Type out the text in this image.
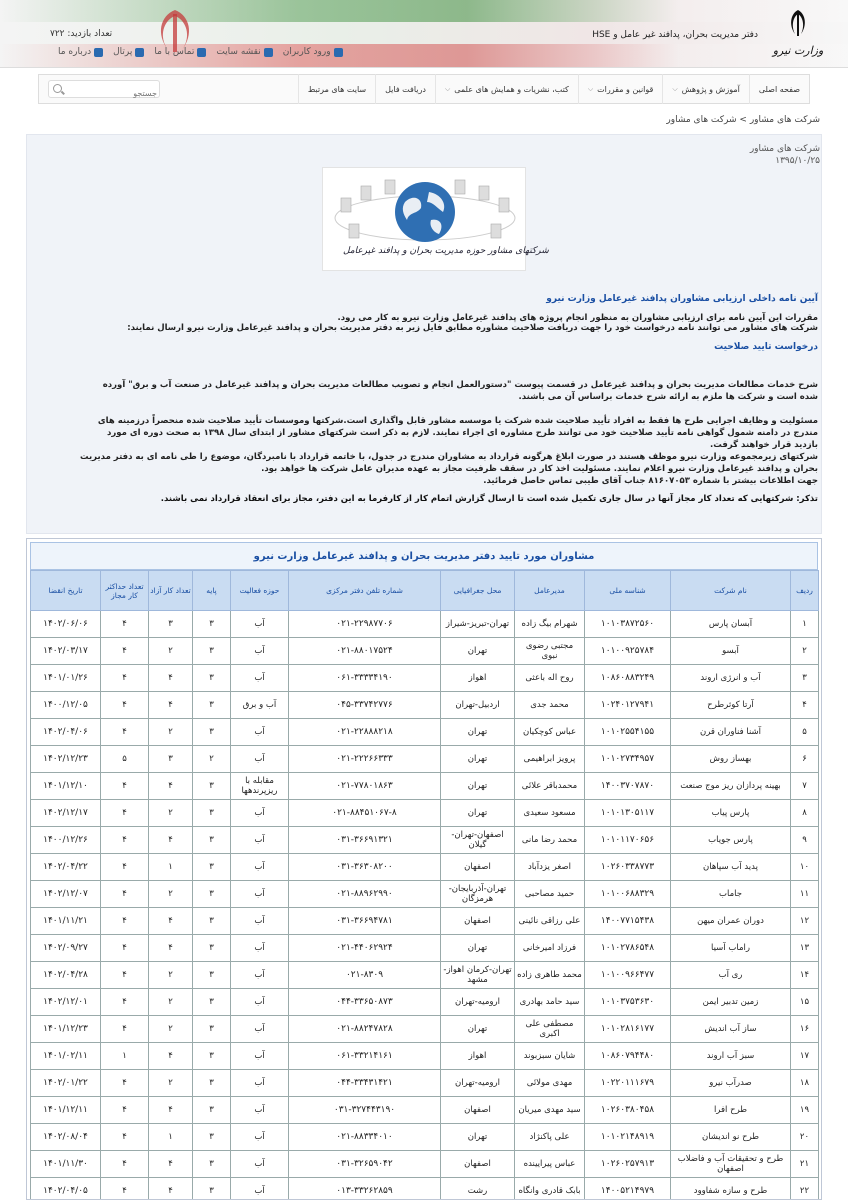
وزارت نیرو
دفتر مدیریت بحران، پدافند غیر عامل و HSE
تعداد بازدید: ۷۲۲
ورود کاربران
نقشه سایت
تماس با ما
پرتال
درباره ما
صفحه اصلی
آموزش و پژوهش
⌵
قوانین و مقررات
⌵
کتب، نشریات و همایش های علمی
⌵
دریافت فایل
سایت های مرتبط
جستجو
شرکت های مشاور > شرکت های مشاور
شرکت های مشاور
۱۳۹۵/۱۰/۲۵
شرکتهای مشاور حوزه مدیریت بحران و پدافند غیرعامل
آیین نامه داخلی ارزیابی مشاوران پدافند غیرعامل وزارت نیرو
مقررات این آیین نامه برای ارزیابی مشاوران به منظور انجام پروژه های پدافند غیرعامل وزارت نیرو به کار می رود.
شرکت های مشاور می توانند نامه درخواست خود را جهت دریافت صلاحیت مشاوره مطابق فایل زیر به دفتر مدیریت بحران و پدافند غیرعامل وزارت نیرو ارسال نمایند:
درخواست تایید صلاحیت
شرح خدمات مطالعات مدیریت بحران و پدافند غیرعامل در قسمت پیوست "دستورالعمل انجام و تصویب مطالعات مدیریت بحران و پدافند غیرعامل در صنعت آب و برق" آورده
شده است و شرکت ها ملزم به ارائه شرح خدمات براساس آن می باشند.
مسئولیت و وظایف اجرایی طرح ها فقط به افراد تأیید صلاحیت شده شرکت یا موسسه مشاور قابل واگذاری است.شرکتها وموسسات تأیید صلاحیت شده منحصراً درزمینه های
مندرج در دامنه شمول گواهی نامه تأیید صلاحیت خود می توانند طرح مشاوره ای اجراء نمایند. لازم به ذکر است شرکتهای مشاور از ابتدای سال ۱۳۹۸ به صحت دوره ای مورد
بازدید قرار خواهند گرفت.
شرکتهای زیرمجموعه وزارت نیرو موظف هستند در صورت ابلاغ هرگونه قرارداد به مشاوران مندرج در جدول، با خاتمه قرارداد با نامبردگان، موضوع را طی نامه ای به دفتر مدیریت
بحران و پدافند غیرعامل وزارت نیرو اعلام نمایند. مسئولیت اخذ کار در سقف ظرفیت مجاز به عهده مدیران عامل شرکت ها خواهد بود.
جهت اطلاعات بیشتر با شماره ۸۱۶۰۷۰۵۳ جناب آقای طیبی تماس حاصل فرمائید.
تذکر: شرکتهایی که تعداد کار مجاز آنها در سال جاری تکمیل شده است تا ارسال گزارش اتمام کار از کارفرما به این دفتر، مجاز برای انعقاد قرارداد نمی باشند.
مشاوران مورد تایید دفتر مدیریت بحران و پدافند غیرعامل وزارت نیرو
ردیف	نام شرکت	شناسه ملی	مدیرعامل	محل جغرافیایی	شماره تلفن دفتر مرکزی	حوزه فعالیت	پایه	تعداد کار آزاد	تعداد حداکثر کار مجاز	تاریخ انقضا
۱	آبسان پارس	۱۰۱۰۳۸۷۲۵۶۰	شهرام بیگ زاده	تهران-تبریز-شیراز	۰۲۱-۲۲۹۸۷۷۰۶	آب	۳	۳	۴	۱۴۰۲/۰۶/۰۶
۲	آبسو	۱۰۱۰۰۹۲۵۷۸۴	مجتبی رضوی نبوی	تهران	۰۲۱-۸۸۰۱۷۵۲۴	آب	۳	۲	۴	۱۴۰۲/۰۳/۱۷
۳	آب و انرژی اروند	۱۰۸۶۰۸۸۳۲۴۹	روح اله باعثی	اهواز	۰۶۱-۳۳۳۳۴۱۹۰	آب	۳	۴	۴	۱۴۰۱/۰۱/۲۶
۴	آرتا کوثرطرح	۱۰۲۴۰۱۲۷۹۴۱	محمد جدی	اردبیل-تهران	۰۴۵-۳۳۷۴۲۷۷۶	آب و برق	۳	۴	۴	۱۴۰۰/۱۲/۰۵
۵	آشنا فناوران قرن	۱۰۱۰۲۵۵۴۱۵۵	عباس کوچکیان	تهران	۰۲۱-۲۲۸۸۸۲۱۸	آب	۳	۲	۴	۱۴۰۲/۰۴/۰۶
۶	بهساز روش	۱۰۱۰۲۷۳۴۹۵۷	پرویز ابراهیمی	تهران	۰۲۱-۲۲۲۶۶۳۳۳	آب	۲	۳	۵	۱۴۰۲/۱۲/۲۳
۷	بهینه پردازان ریز موج صنعت	۱۴۰۰۳۷۰۷۸۷۰	محمدباقر علائی	تهران	۰۲۱-۷۷۸۰۱۸۶۳	مقابله با ریزپرندهها	۳	۴	۴	۱۴۰۱/۱۲/۱۰
۸	پارس پیاب	۱۰۱۰۱۳۰۵۱۱۷	مسعود سعیدی	تهران	۰۲۱-۸۸۴۵۱۰۶۷-۸	آب	۳	۲	۴	۱۴۰۲/۱۲/۱۷
۹	پارس جویاب	۱۰۱۰۱۱۷۰۶۵۶	محمد رضا مانی	اصفهان-تهران-گیلان	۰۳۱-۳۶۶۹۱۳۲۱	آب	۳	۴	۴	۱۴۰۰/۱۲/۲۶
۱۰	پدید آب سپاهان	۱۰۲۶۰۳۳۸۷۷۳	اصغر یزدآباد	اصفهان	۰۳۱-۳۶۳۰۸۲۰۰	آب	۳	۱	۴	۱۴۰۲/۰۴/۲۲
۱۱	جاماب	۱۰۱۰۰۶۸۸۳۲۹	حمید مصاحبی	تهران-آذربایجان-هرمزگان	۰۲۱-۸۸۹۶۲۹۹۰	آب	۳	۲	۴	۱۴۰۲/۱۲/۰۷
۱۲	دوران عمران میهن	۱۴۰۰۷۷۱۵۴۳۸	علی رزاقی نائینی	اصفهان	۰۳۱-۳۶۶۹۴۷۸۱	آب	۳	۴	۴	۱۴۰۱/۱۱/۲۱
۱۳	راماب آسیا	۱۰۱۰۲۷۸۶۵۴۸	فرزاد امیرخانی	تهران	۰۲۱-۴۴۰۶۲۹۲۴	آب	۳	۴	۴	۱۴۰۲/۰۹/۲۷
۱۴	ری آب	۱۰۱۰۰۹۶۶۴۷۷	محمد طاهری زاده	تهران-کرمان اهواز-مشهد	۰۲۱-۸۳۰۹	آب	۳	۲	۴	۱۴۰۲/۰۴/۲۸
۱۵	زمین تدبیر ایمن	۱۰۱۰۳۷۵۳۶۳۰	سید حامد بهادری	ارومیه-تهران	۰۴۴-۳۳۶۵۰۸۷۳	آب	۳	۲	۴	۱۴۰۲/۱۲/۰۱
۱۶	ساز آب اندیش	۱۰۱۰۲۸۱۶۱۷۷	مصطفی علی اکبری	تهران	۰۲۱-۸۸۲۴۷۸۲۸	آب	۳	۲	۴	۱۴۰۱/۱۲/۲۳
۱۷	سبز آب اروند	۱۰۸۶۰۷۹۴۴۸۰	شایان سبزبوند	اهواز	۰۶۱-۳۳۲۱۴۱۶۱	آب	۳	۴	۱	۱۴۰۱/۰۲/۱۱
۱۸	صدرآب نیرو	۱۰۲۲۰۱۱۱۶۷۹	مهدی مولائی	ارومیه-تهران	۰۴۴-۳۳۴۳۱۴۲۱	آب	۳	۲	۴	۱۴۰۲/۰۱/۲۲
۱۹	طرح افرا	۱۰۲۶۰۳۸۰۴۵۸	سید مهدی میریان	اصفهان	۰۳۱-۳۲۷۴۴۳۱۹۰	آب	۳	۴	۴	۱۴۰۱/۱۲/۱۱
۲۰	طرح نو اندیشان	۱۰۱۰۲۱۴۸۹۱۹	علی پاکنژاد	تهران	۰۲۱-۸۸۳۳۴۰۱۰	آب	۳	۱	۴	۱۴۰۲/۰۸/۰۴
۲۱	طرح و تحقیقات آب و فاضلاب اصفهان	۱۰۲۶۰۲۵۷۹۱۳	عباس پیرایینده	اصفهان	۰۳۱-۳۲۶۵۹۰۴۲	آب	۳	۴	۴	۱۴۰۱/۱۱/۳۰
۲۲	طرح و سازه شفاوود	۱۴۰۰۵۲۱۴۹۷۹	بابک قادری وانگاه	رشت	۰۱۳-۳۳۲۶۲۸۵۹	آب	۳	۴	۴	۱۴۰۲/۰۴/۰۵
